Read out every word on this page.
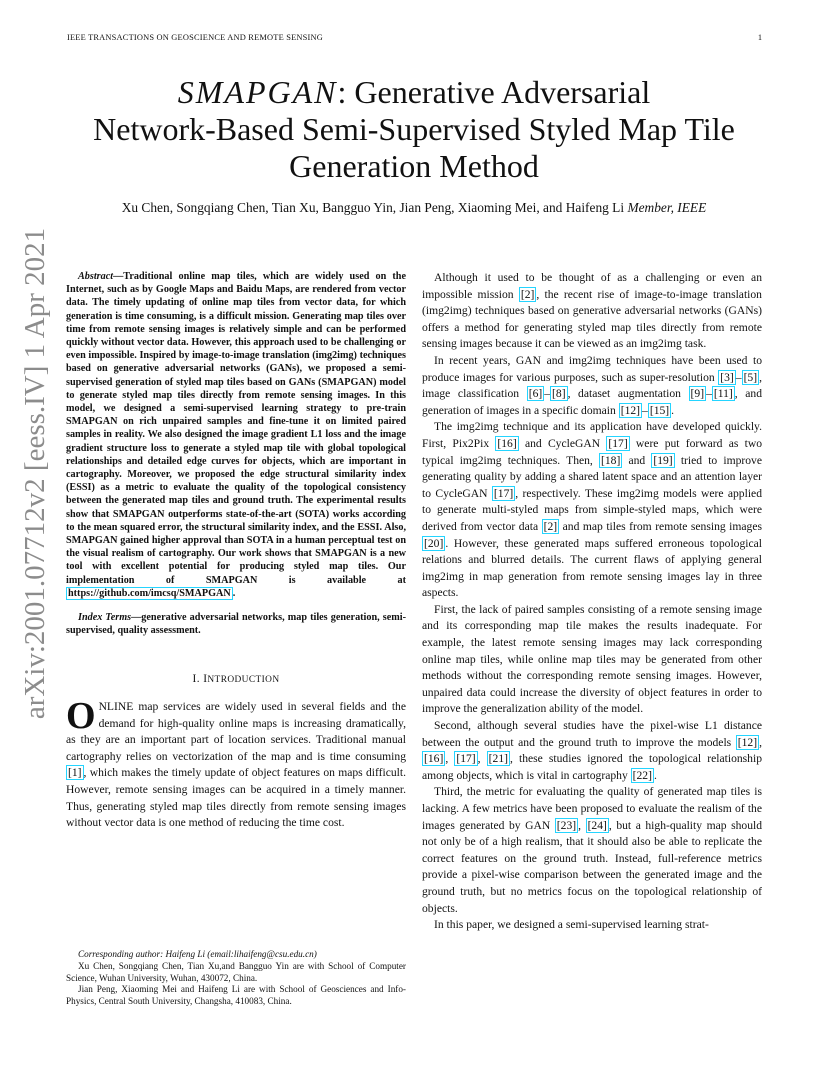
IEEE TRANSACTIONS ON GEOSCIENCE AND REMOTE SENSING	1
arXiv:2001.07712v2 [eess.IV] 1 Apr 2021
SMAPGAN: Generative Adversarial
Network-Based Semi-Supervised Styled Map Tile
Generation Method
Xu Chen, Songqiang Chen, Tian Xu, Bangguo Yin, Jian Peng, Xiaoming Mei, and Haifeng Li Member, IEEE

Abstract—Traditional online map tiles, which are widely used on the Internet, such as by Google Maps and Baidu Maps, are rendered from vector data. The timely updating of online map tiles from vector data, for which generation is time consuming, is a difficult mission. Generating map tiles over time from remote sensing images is relatively simple and can be performed quickly without vector data. However, this approach used to be challenging or even impossible. Inspired by image-to-image translation (img2img) techniques based on generative adversarial networks (GANs), we proposed a semi-supervised generation of styled map tiles based on GANs (SMAPGAN) model to generate styled map tiles directly from remote sensing images. In this model, we designed a semi-supervised learning strategy to pre-train SMAPGAN on rich unpaired samples and fine-tune it on limited paired samples in reality. We also designed the image gradient L1 loss and the image gradient structure loss to generate a styled map tile with global topological relationships and detailed edge curves for objects, which are important in cartography. Moreover, we proposed the edge structural similarity index (ESSI) as a metric to evaluate the quality of the topological consistency between the generated map tiles and ground truth. The experimental results show that SMAPGAN outperforms state-of-the-art (SOTA) works according to the mean squared error, the structural similarity index, and the ESSI. Also, SMAPGAN gained higher approval than SOTA in a human perceptual test on the visual realism of cartography. Our work shows that SMAPGAN is a new tool with excellent potential for producing styled map tiles. Our implementation of SMAPGAN is available at https://github.com/imcsq/SMAPGAN .

Index Terms—generative adversarial networks, map tiles generation, semi-supervised, quality assessment.

I. INTRODUCTION

ONLINE map services are widely used in several fields and the demand for high-quality online maps is increasing dramatically, as they are an important part of location services. Traditional manual cartography relies on vectorization of the map and is time consuming [1] , which makes the timely update of object features on maps difficult. However, remote sensing images can be acquired in a timely manner. Thus, generating styled map tiles directly from remote sensing images without vector data is one method of reducing the time cost.

Corresponding author: Haifeng Li (email:lihaifeng@csu.edu.cn)

Xu Chen, Songqiang Chen, Tian Xu,and Bangguo Yin are with School of Computer Science, Wuhan University, Wuhan, 430072, China.

Jian Peng, Xiaoming Mei and Haifeng Li are with School of Geosciences and Info-Physics, Central South University, Changsha, 410083, China.

Although it used to be thought of as a challenging or even an impossible mission [2] , the recent rise of image-to-image translation (img2img) techniques based on generative adversarial networks (GANs) offers a method for generating styled map tiles directly from remote sensing images because it can be viewed as an img2img task.

In recent years, GAN and img2img techniques have been used to produce images for various purposes, such as super-resolution [3] – [5] , image classification [6] – [8] , dataset augmentation [9] – [11] , and generation of images in a specific domain [12] – [15] .

The img2img technique and its application have developed quickly. First, Pix2Pix [16] and CycleGAN [17] were put forward as two typical img2img techniques. Then, [18] and [19] tried to improve generating quality by adding a shared latent space and an attention layer to CycleGAN [17] , respectively. These img2img models were applied to generate multi-styled maps from simple-styled maps, which were derived from vector data [2] and map tiles from remote sensing images [20] . However, these generated maps suffered erroneous topological relations and blurred details. The current flaws of applying general img2img in map generation from remote sensing images lay in three aspects.

First, the lack of paired samples consisting of a remote sensing image and its corresponding map tile makes the results inadequate. For example, the latest remote sensing images may lack corresponding online map tiles, while online map tiles may be generated from other methods without the corresponding remote sensing images. However, unpaired data could increase the diversity of object features in order to improve the generalization ability of the model.

Second, although several studies have the pixel-wise L1 distance between the output and the ground truth to improve the models [12] , [16] , [17] , [21] , these studies ignored the topological relationship among objects, which is vital in cartography [22] .

Third, the metric for evaluating the quality of generated map tiles is lacking. A few metrics have been proposed to evaluate the realism of the images generated by GAN [23] , [24] , but a high-quality map should not only be of a high realism, that it should also be able to replicate the correct features on the ground truth. Instead, full-reference metrics provide a pixel-wise comparison between the generated image and the ground truth, but no metrics focus on the topological relationship of objects.

In this paper, we designed a semi-supervised learning strat-
